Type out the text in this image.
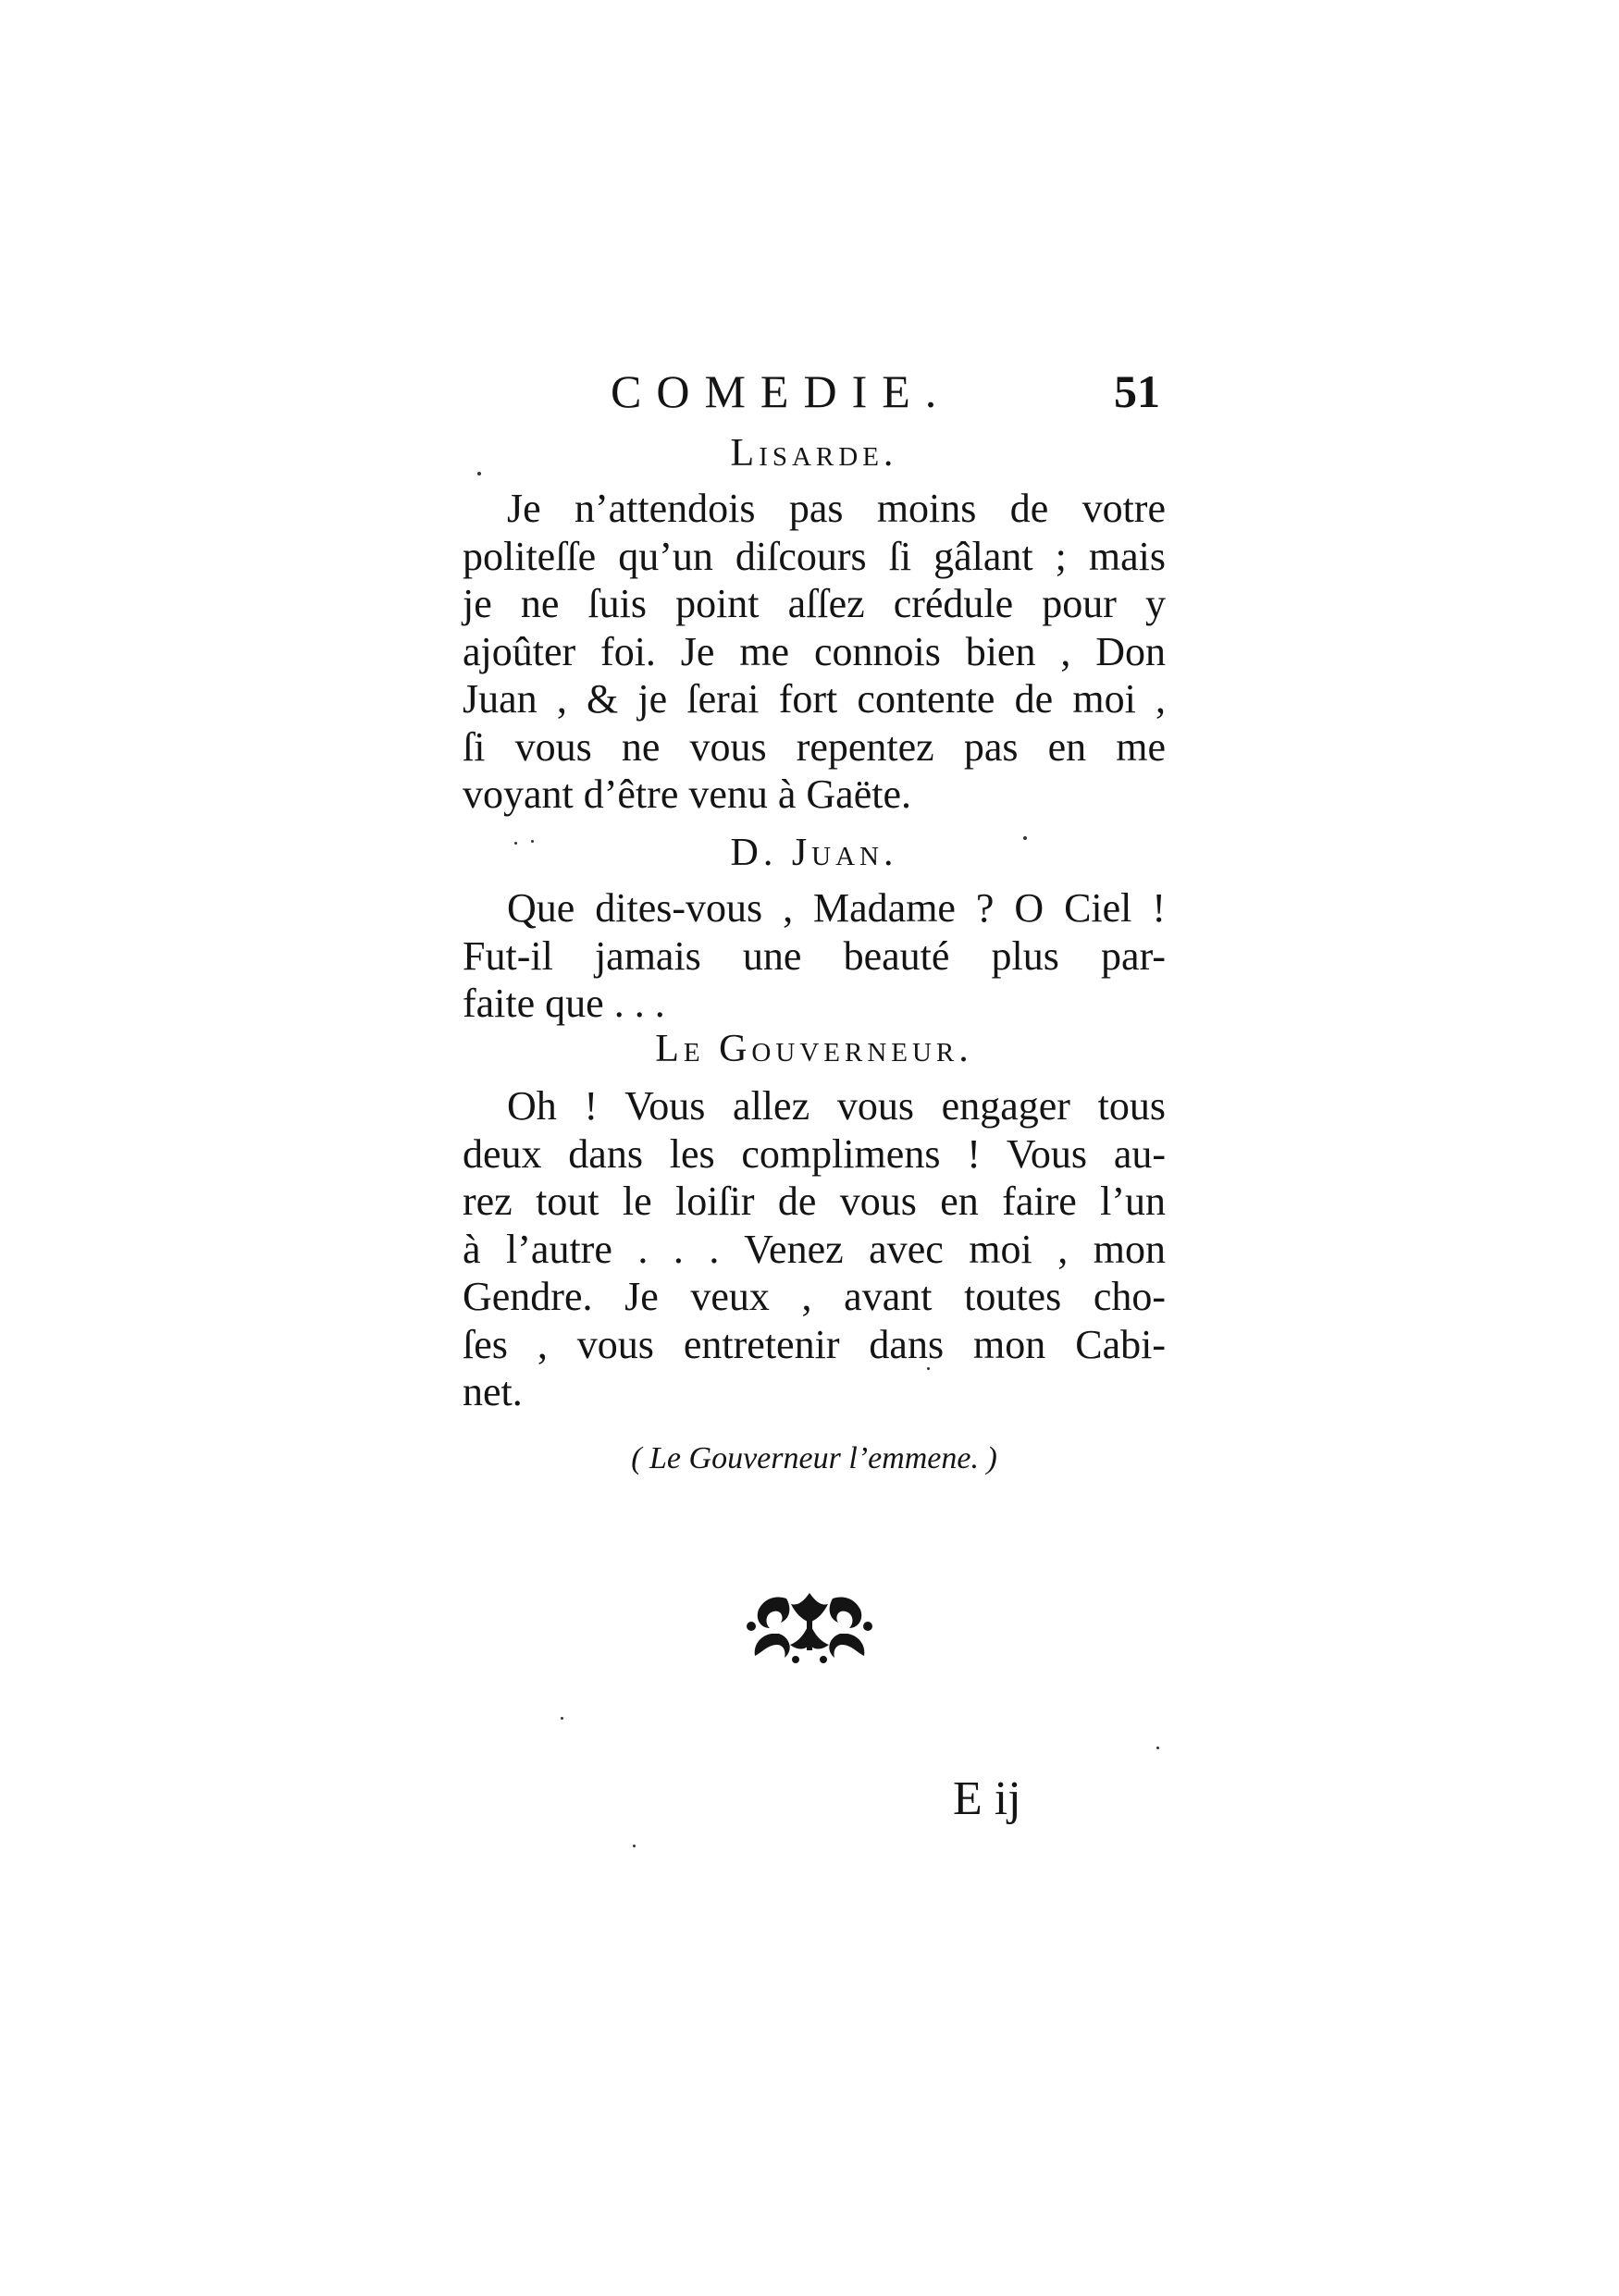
COMEDIE.	51
Lisarde.
Je n’attendois pas moins de votre
politeſſe qu’un diſcours ſi gâlant ; mais
je ne ſuis point aſſez crédule pour y
ajoûter foi. Je me connois bien , Don
Juan , & je ſerai fort contente de moi ,
ſi vous ne vous repentez pas en me
voyant d’être venu à Gaëte.
D. Juan.
Que dites-vous , Madame ? O Ciel !
Fut-il jamais une beauté plus par-
faite que . . .
Le Gouverneur.
Oh ! Vous allez vous engager tous
deux dans les complimens ! Vous au-
rez tout le loiſir de vous en faire l’un
à l’autre . . . Venez avec moi , mon
Gendre. Je veux , avant toutes cho-
ſes , vous entretenir dans mon Cabi-
net.
( Le Gouverneur l’emmene. )
E ij
